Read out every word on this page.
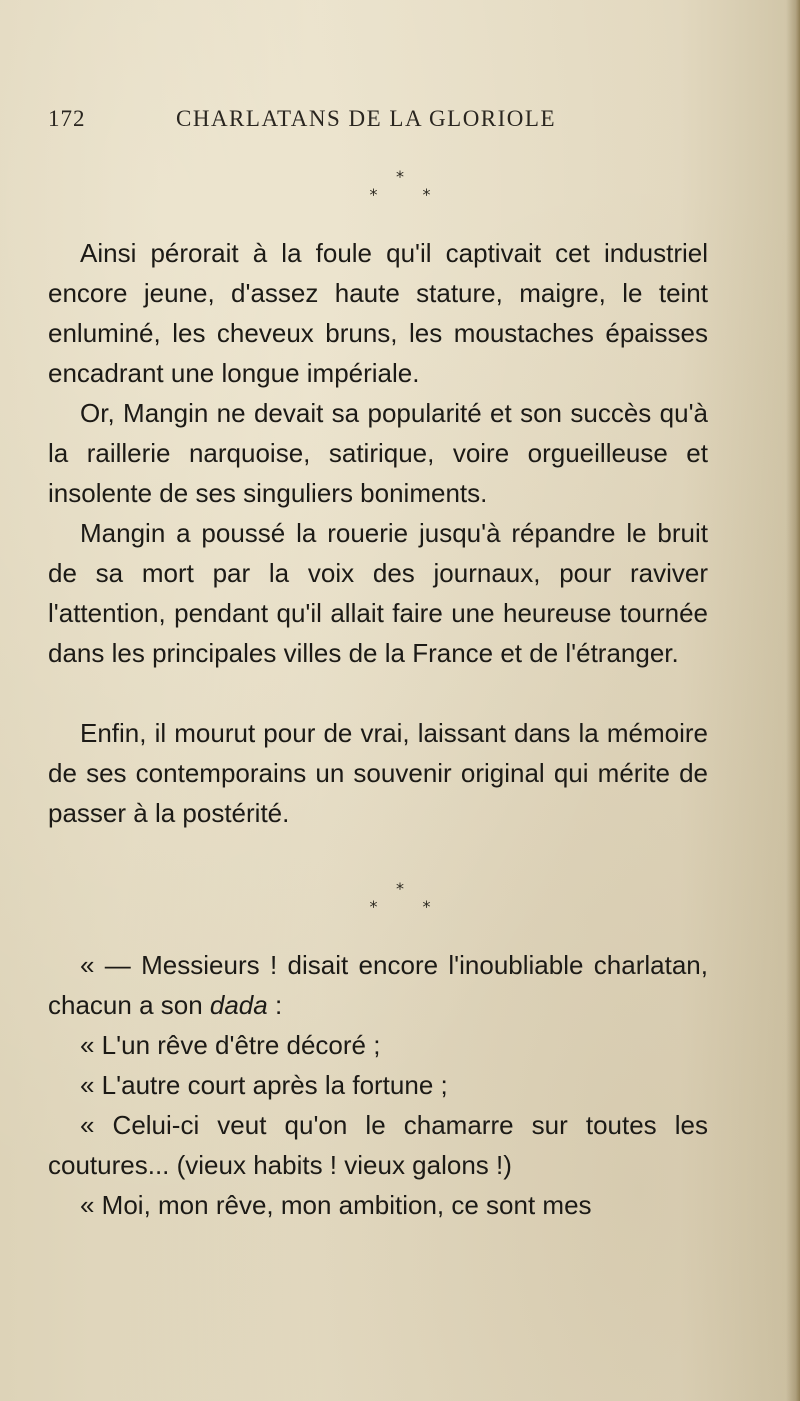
172	CHARLATANS DE LA GLORIOLE
*
* *

Ainsi pérorait à la foule qu'il captivait cet industriel encore jeune, d'assez haute stature, maigre, le teint enluminé, les cheveux bruns, les moustaches épaisses encadrant une longue impériale.

Or, Mangin ne devait sa popularité et son succès qu'à la raillerie narquoise, satirique, voire orgueilleuse et insolente de ses singuliers boniments.

Mangin a poussé la rouerie jusqu'à répandre le bruit de sa mort par la voix des journaux, pour raviver l'attention, pendant qu'il allait faire une heureuse tournée dans les principales villes de la France et de l'étranger.

Enfin, il mourut pour de vrai, laissant dans la mémoire de ses contemporains un souvenir original qui mérite de passer à la postérité.

*
* *

« — Messieurs ! disait encore l'inoubliable charlatan, chacun a son dada :

« L'un rêve d'être décoré ;

« L'autre court après la fortune ;

« Celui-ci veut qu'on le chamarre sur toutes les coutures... (vieux habits ! vieux galons !)

« Moi, mon rêve, mon ambition, ce sont mes
